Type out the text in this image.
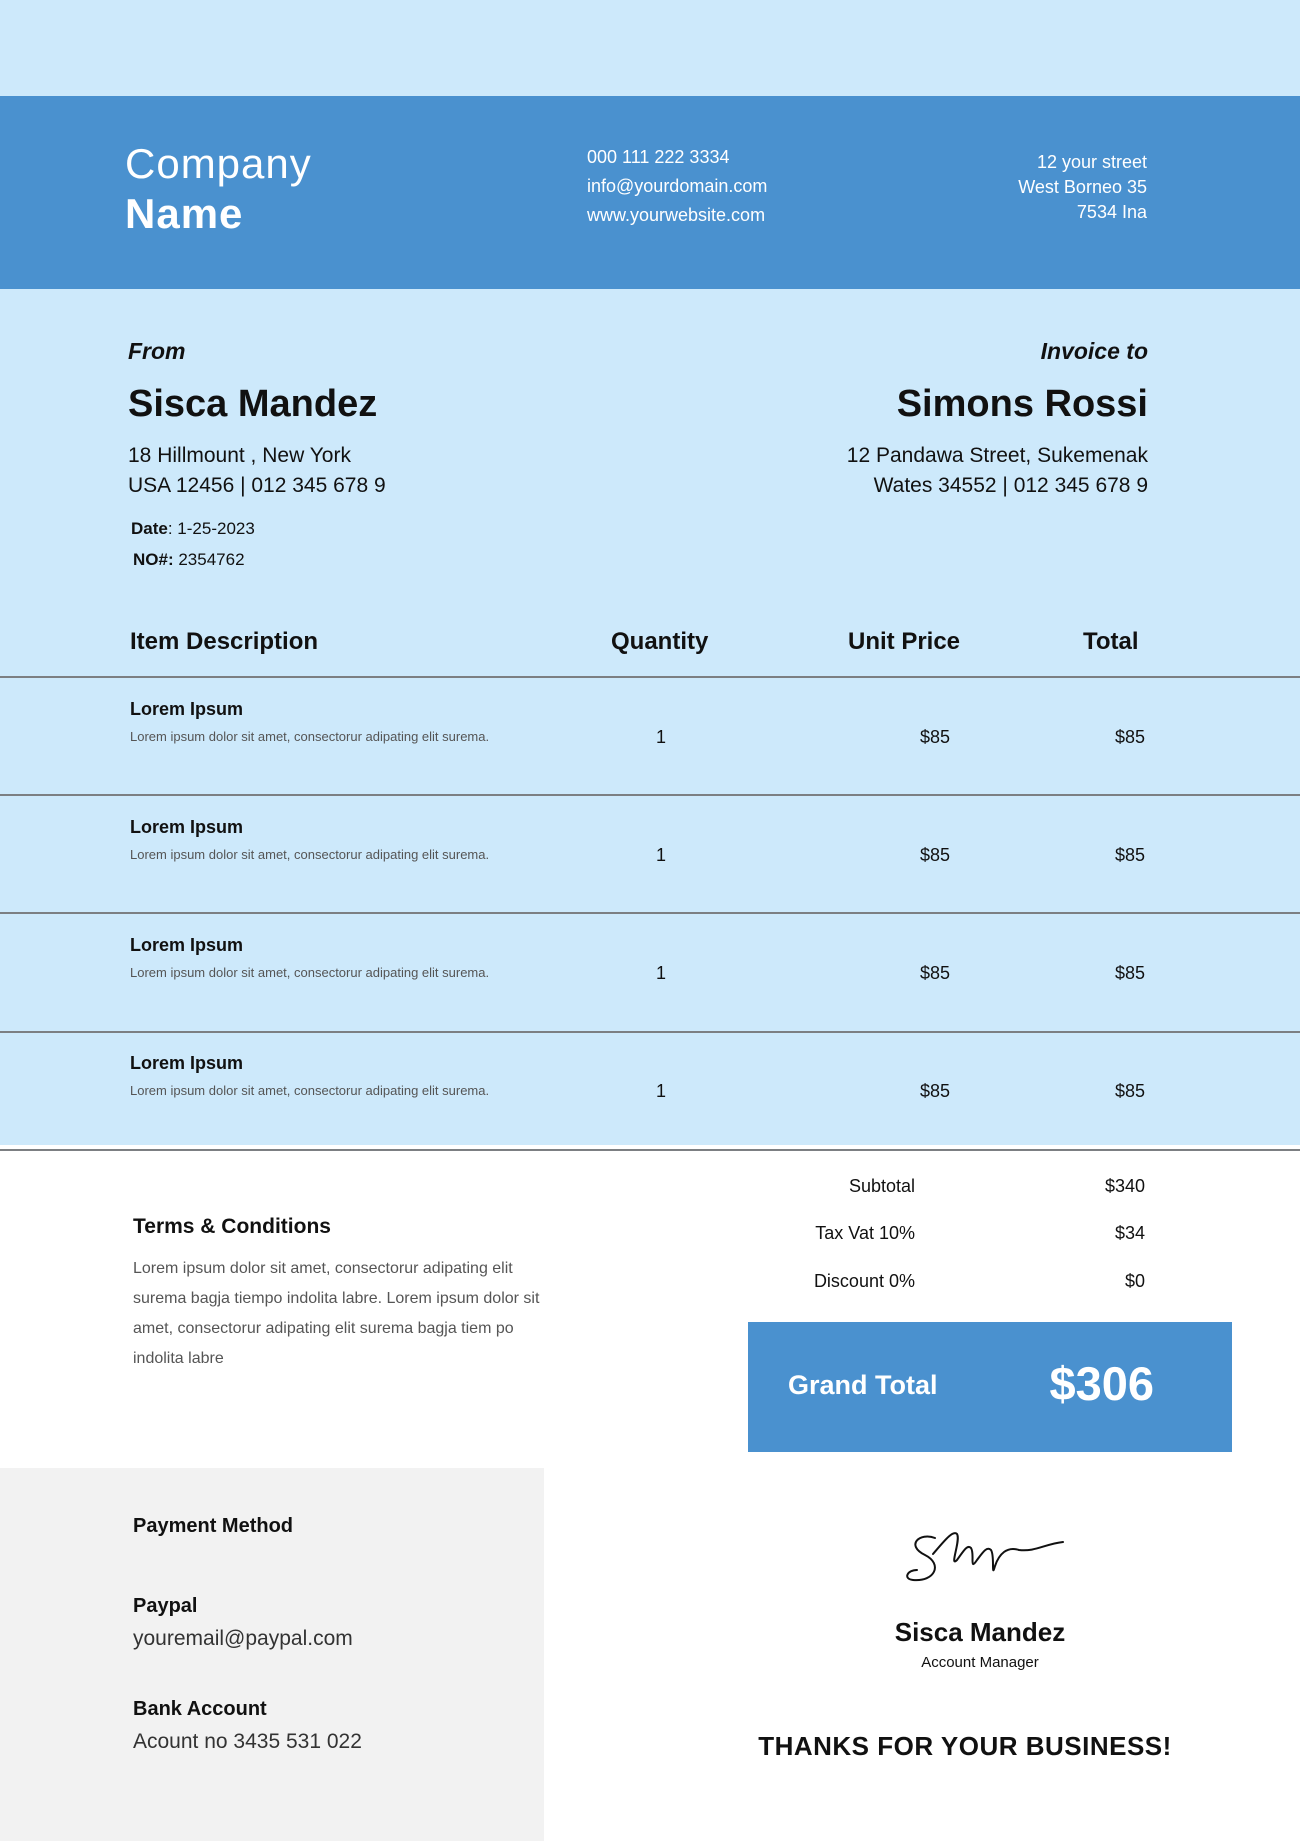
Company
Name
000 111 222 3334
info@yourdomain.com
www.yourwebsite.com
12 your street
West Borneo 35
7534 Ina
From
Sisca Mandez
18 Hillmount , New York
USA 12456 | 012 345 678 9
Date: 1-25-2023
NO#: 2354762
Invoice to
Simons Rossi
12 Pandawa Street, Sukemenak
Wates 34552 | 012 345 678 9
Item Description	Quantity	Unit Price	Total
Lorem Ipsum
Lorem ipsum dolor sit amet, consectorur adipating elit surema.	1	$85	$85
Lorem Ipsum
Lorem ipsum dolor sit amet, consectorur adipating elit surema.	1	$85	$85
Lorem Ipsum
Lorem ipsum dolor sit amet, consectorur adipating elit surema.	1	$85	$85
Lorem Ipsum
Lorem ipsum dolor sit amet, consectorur adipating elit surema.	1	$85	$85
Subtotal	$340
Tax Vat 10%	$34
Discount 0%	$0
Grand Total $306
Terms & Conditions
Lorem ipsum dolor sit amet, consectorur adipating elit surema bagja tiempo indolita labre. Lorem ipsum dolor sit amet, consectorur adipating elit surema bagja tiem po indolita labre
Payment Method
Paypal
youremail@paypal.com
Bank Account
Acount no 3435 531 022
Sisca Mandez
Account Manager
THANKS FOR YOUR BUSINESS!
